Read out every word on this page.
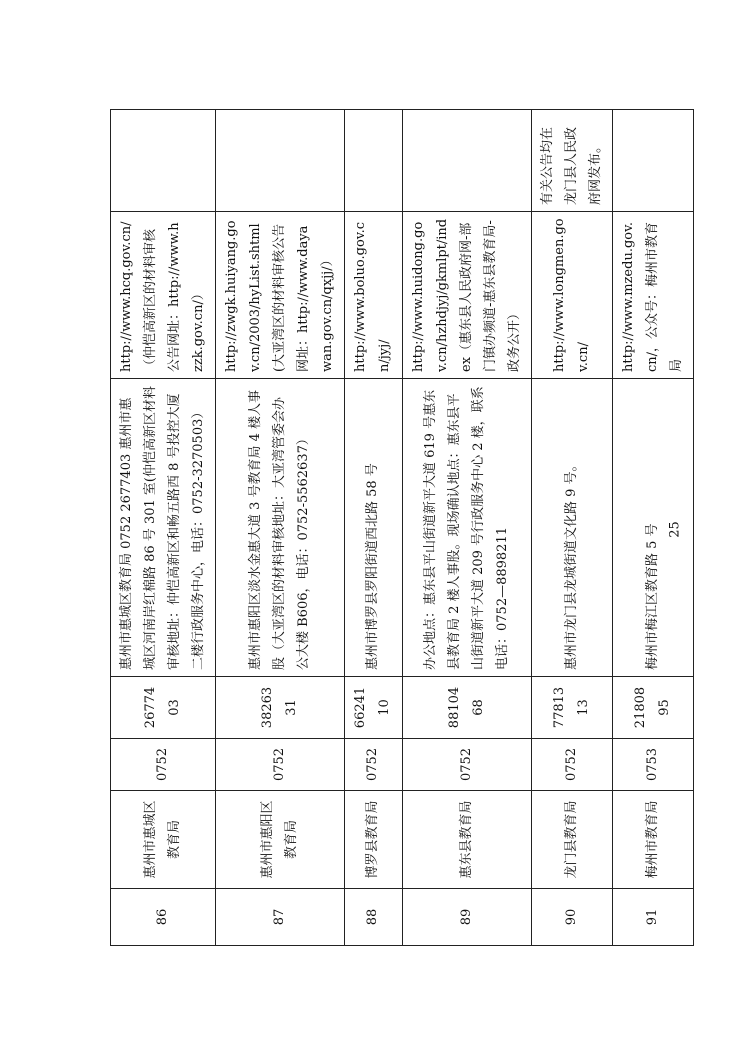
86	惠州市惠城区教育局	0752	2677403	惠州市惠城区教育局 0752 2677403 惠州市惠城区河南岸红棉路 86 号 301 室(仲恺高新区材料审核地址：仲恺高新区和畅五路西 8 号投控大厦二楼行政服务中心，电话：0752-3270503）	http://www.hcq.gov.cn/（仲恺高新区的材料审核公告网址：http://www.hzzk.gov.cn/）	
87	惠州市惠阳区教育局	0752	3826331	惠州市惠阳区淡水金惠大道 3 号教育局 4 楼人事股（大亚湾区的材料审核地址：大亚湾管委会办公大楼 B606，电话：0752-5562637）	http://zwgk.huiyang.gov.cn/2003/hyList.shtml(大亚湾区的材料审核公告网址：http://www.dayawan.gov.cn/qxjj/）	
88	博罗县教育局	0752	6624110	惠州市博罗县罗阳街道西北路 58 号	http://www.boluo.gov.cn/jyj/	
89	惠东县教育局	0752	8810468	办公地点：惠东县平山街道新平大道 619 号惠东县教育局 2 楼人事股。现场确认地点：惠东县平山街道新平大道 209 号行政服务中心 2 楼，联系电话：0752—8898211	http://www.huidong.gov.cn/hzhdjyj/gkmlpt/index（惠东县人民政府网-部门镇办频道-惠东县教育局-政务公开）	
90	龙门县教育局	0752	7781313	惠州市龙门县龙城街道文化路 9 号。	http://www.longmen.gov.cn/	有关公告均在龙门县人民政府网发布。
91	梅州市教育局	0753	2180895	梅州市梅江区教育路 5 号	http://www.mzedu.gov.cn/，公众号：梅州市教育局	
25
